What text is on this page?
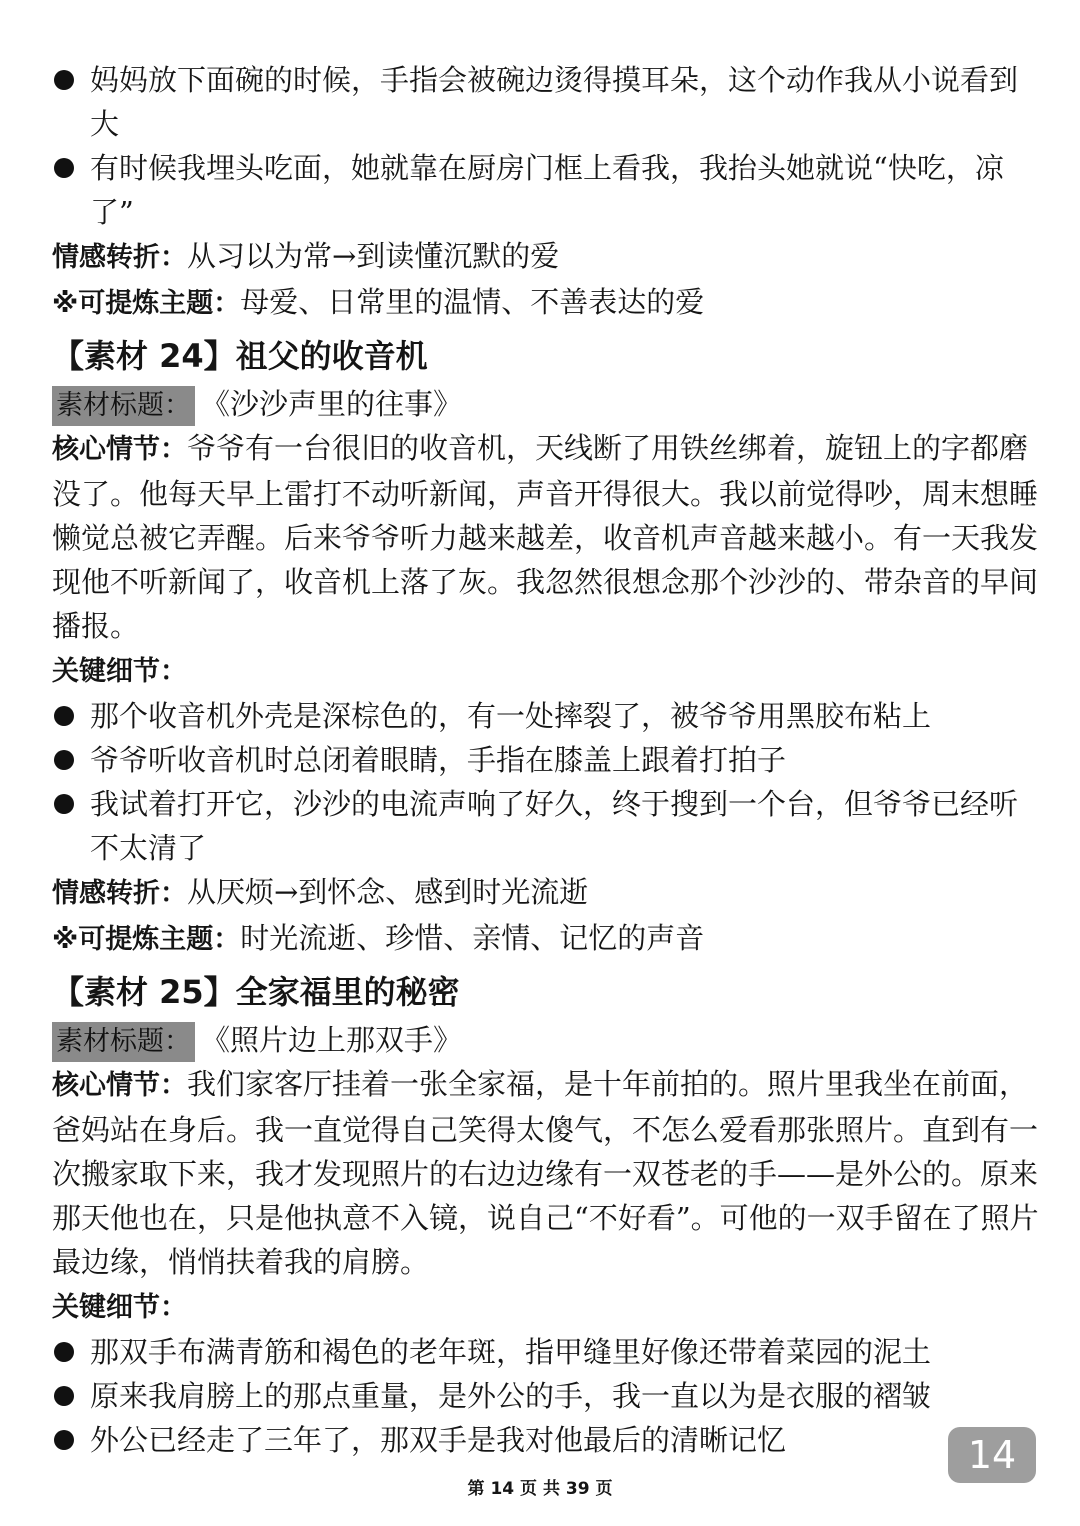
妈妈放下面碗的时候，手指会被碗边烫得摸耳朵，这个动作我从小说看到大
有时候我埋头吃面，她就靠在厨房门框上看我，我抬头她就说“快吃，凉了”

情感转折：从习以为常→到读懂沉默的爱

※可提炼主题：母爱、日常里的温情、不善表达的爱

【素材 24】祖父的收音机

素材标题： 《沙沙声里的往事》

核心情节：爷爷有一台很旧的收音机，天线断了用铁丝绑着，旋钮上的字都磨没了。他每天早上雷打不动听新闻，声音开得很大。我以前觉得吵，周末想睡懒觉总被它弄醒。后来爷爷听力越来越差，收音机声音越来越小。有一天我发现他不听新闻了，收音机上落了灰。我忽然很想念那个沙沙的、带杂音的早间播报。

关键细节：

那个收音机外壳是深棕色的，有一处摔裂了，被爷爷用黑胶布粘上
爷爷听收音机时总闭着眼睛，手指在膝盖上跟着打拍子
我试着打开它，沙沙的电流声响了好久，终于搜到一个台，但爷爷已经听不太清了

情感转折：从厌烦→到怀念、感到时光流逝

※可提炼主题：时光流逝、珍惜、亲情、记忆的声音

【素材 25】全家福里的秘密

素材标题： 《照片边上那双手》

核心情节：我们家客厅挂着一张全家福，是十年前拍的。照片里我坐在前面，爸妈站在身后。我一直觉得自己笑得太傻气，不怎么爱看那张照片。直到有一次搬家取下来，我才发现照片的右边边缘有一双苍老的手——是外公的。原来那天他也在，只是他执意不入镜，说自己“不好看”。可他的一双手留在了照片最边缘，悄悄扶着我的肩膀。

关键细节：

那双手布满青筋和褐色的老年斑，指甲缝里好像还带着菜园的泥土
原来我肩膀上的那点重量，是外公的手，我一直以为是衣服的褶皱
外公已经走了三年了，那双手是我对他最后的清晰记忆	14
第 14 页 共 39 页
